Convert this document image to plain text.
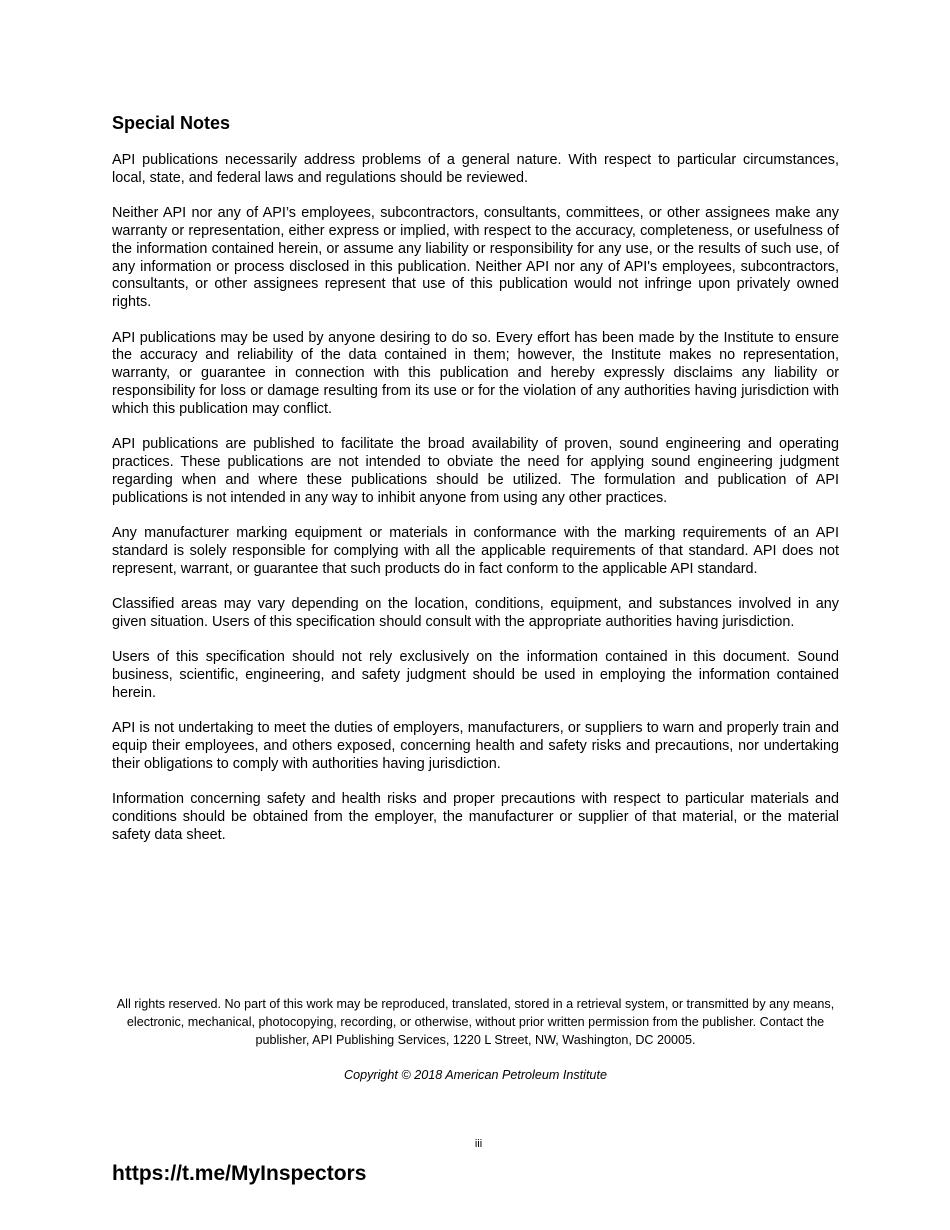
Special Notes

API publications necessarily address problems of a general nature. With respect to particular circumstances, local, state, and federal laws and regulations should be reviewed.

Neither API nor any of API’s employees, subcontractors, consultants, committees, or other assignees make any warranty or representation, either express or implied, with respect to the accuracy, completeness, or usefulness of the information contained herein, or assume any liability or responsibility for any use, or the results of such use, of any information or process disclosed in this publication. Neither API nor any of API's employees, subcontractors, consultants, or other assignees represent that use of this publication would not infringe upon privately owned rights.

API publications may be used by anyone desiring to do so. Every effort has been made by the Institute to ensure the accuracy and reliability of the data contained in them; however, the Institute makes no representation, warranty, or guarantee in connection with this publication and hereby expressly disclaims any liability or responsibility for loss or damage resulting from its use or for the violation of any authorities having jurisdiction with which this publication may conflict.

API publications are published to facilitate the broad availability of proven, sound engineering and operating practices. These publications are not intended to obviate the need for applying sound engineering judgment regarding when and where these publications should be utilized. The formulation and publication of API publications is not intended in any way to inhibit anyone from using any other practices.

Any manufacturer marking equipment or materials in conformance with the marking requirements of an API standard is solely responsible for complying with all the applicable requirements of that standard. API does not represent, warrant, or guarantee that such products do in fact conform to the applicable API standard.

Classified areas may vary depending on the location, conditions, equipment, and substances involved in any given situation. Users of this specification should consult with the appropriate authorities having jurisdiction.

Users of this specification should not rely exclusively on the information contained in this document. Sound business, scientific, engineering, and safety judgment should be used in employing the information contained herein.

API is not undertaking to meet the duties of employers, manufacturers, or suppliers to warn and properly train and equip their employees, and others exposed, concerning health and safety risks and precautions, nor undertaking their obligations to comply with authorities having jurisdiction.

Information concerning safety and health risks and proper precautions with respect to particular materials and conditions should be obtained from the employer, the manufacturer or supplier of that material, or the material safety data sheet.

All rights reserved. No part of this work may be reproduced, translated, stored in a retrieval system, or transmitted by any means, electronic, mechanical, photocopying, recording, or otherwise, without prior written permission from the publisher. Contact the publisher, API Publishing Services, 1220 L Street, NW, Washington, DC 20005.

Copyright © 2018 American Petroleum Institute

iii

https://t.me/MyInspectors
